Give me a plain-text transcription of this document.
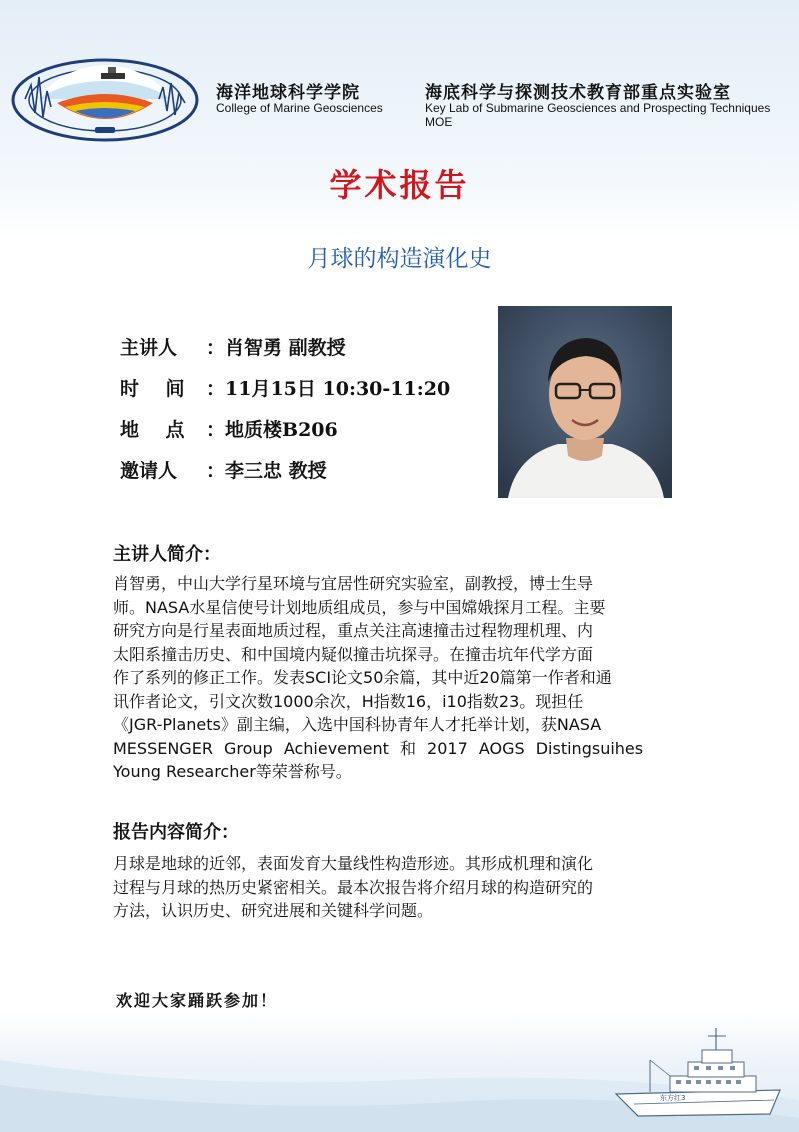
海洋地球科学学院
College of Marine Geosciences
海底科学与探测技术教育部重点实验室
Key Lab of Submarine Geosciences and Prospecting Techniques MOE
学术报告
月球的构造演化史
主讲人 ：肖智勇 副教授
时    间 ：11月15日 10:30-11:20
地    点 ：地质楼B206
邀请人 ：李三忠 教授
主讲人简介：
肖智勇，中山大学行星环境与宜居性研究实验室，副教授，博士生导
师。NASA水星信使号计划地质组成员，参与中国嫦娥探月工程。主要
研究方向是行星表面地质过程，重点关注高速撞击过程物理机理、内
太阳系撞击历史、和中国境内疑似撞击坑探寻。在撞击坑年代学方面
作了系列的修正工作。发表SCI论文50余篇，其中近20篇第一作者和通
讯作者论文，引文次数1000余次，H指数16，i10指数23。现担任
《JGR-Planets》副主编，入选中国科协青年人才托举计划，获NASA
MESSENGER Group Achievement 和 2017 AOGS Distingsuihes
Young Researcher等荣誉称号。
报告内容简介：
月球是地球的近邻，表面发育大量线性构造形迹。其形成机理和演化
过程与月球的热历史紧密相关。最本次报告将介绍月球的构造研究的
方法，认识历史、研究进展和关键科学问题。
欢迎大家踊跃参加！
东方红3
